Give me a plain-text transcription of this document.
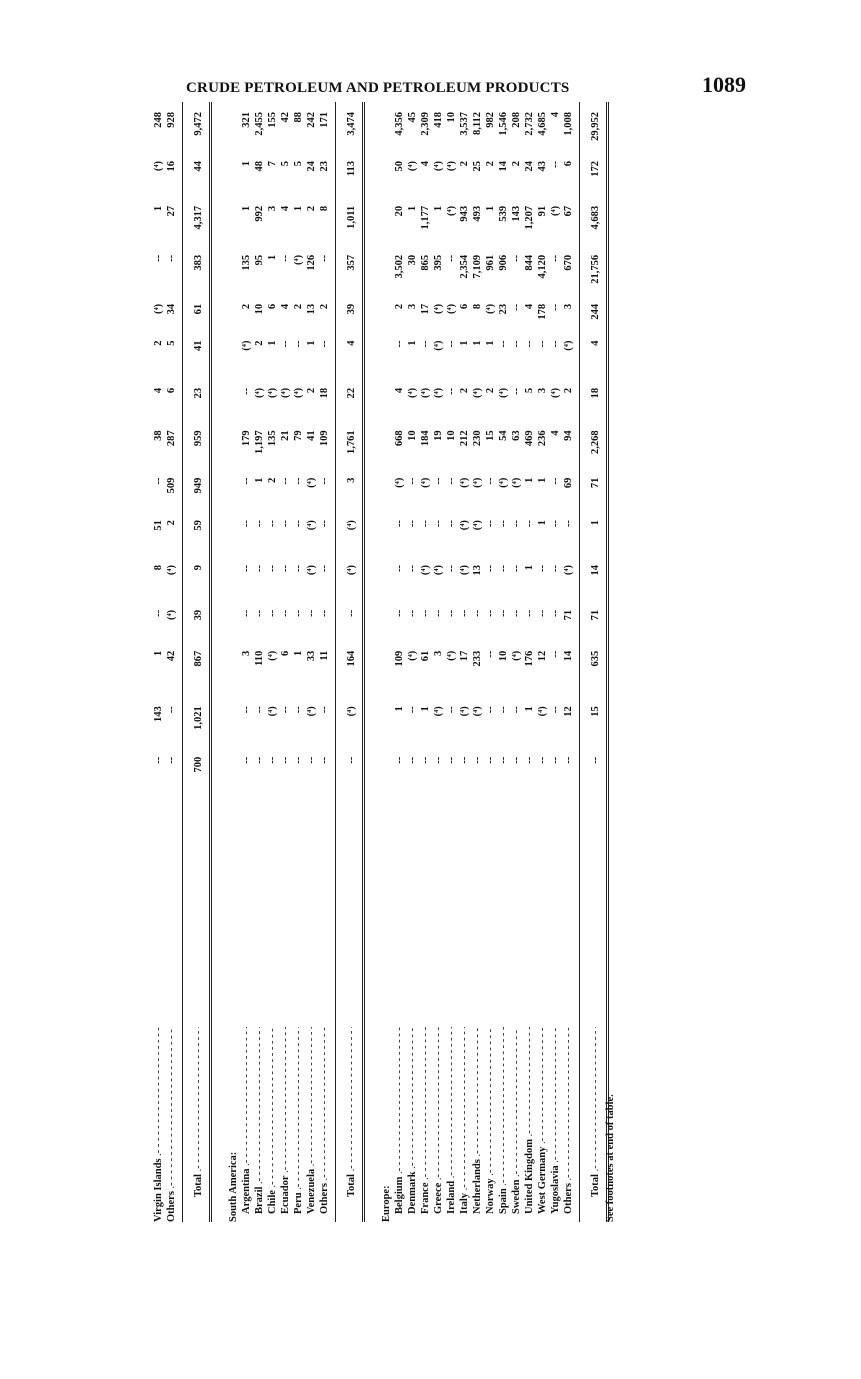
CRUDE PETROLEUM AND PETROLEUM PRODUCTS	1089
Virgin Islands .- -
--
143
1
--
8
51
--
38
4
2
(⁴)
--
1
(⁴)
248
Others .- -
--
--
42
(⁴)
(⁴)
2
509
287
6
5
34
--
27
16
928
Total .- -
700
1,021
867
39
9
59
949
959
23
41
61
383
4,317
44
9,472
South America: Argentina .- -
--
--
3
--
--
--
--
179
--
(⁴)
2
135
1
1
321
Brazil .- -
--
--
110
--
--
--
1
1,197
(⁴)
2
10
95
992
48
2,455
Chile .- -
--
(⁴)
(⁴)
--
--
--
2
135
(⁴)
1
6
1
3
7
155
Ecuador .- -
--
--
6
--
--
--
--
21
(⁴)
--
4
--
4
5
42
Peru .- -
--
--
1
--
--
--
--
79
(⁴)
--
2
(⁴)
1
5
88
Venezuela .- -
--
(⁴)
33
--
(⁴)
(⁴)
(⁴)
41
2
1
13
126
2
24
242
Others .- -
--
--
11
--
--
--
--
109
18
--
2
--
8
23
171
Total .- -
--
(⁴)
164
--
(⁴)
(⁴)
3
1,761
22
4
39
357
1,011
113
3,474
Europe: Belgium .- -
--
1
109
--
--
--
(⁴)
668
4
--
2
3,502
20
50
4,356
Denmark .- -
--
--
(⁴)
--
--
--
--
10
(⁴)
1
3
30
1
(⁴)
45
France .- -
--
1
61
--
(⁴)
--
(⁴)
184
(⁴)
--
17
865
1,177
4
2,309
Greece .- -
--
(⁴)
3
--
(⁴)
--
--
19
(⁴)
(⁴)
(⁴)
395
1
(⁴)
418
Ireland .- -
--
--
(⁴)
--
--
--
--
10
--
--
(⁴)
--
(⁴)
(⁴)
10
Italy .- -
--
(⁴)
17
--
(⁴)
(⁴)
(⁴)
212
2
1
6
2,354
943
2
3,537
Netherlands .- -
--
(⁴)
233
--
13
(⁴)
(⁴)
230
(⁴)
1
8
7,109
493
25
8,112
Norway .- -
--
--
--
--
--
--
--
15
2
1
(⁴)
961
1
2
982
Spain .- -
--
--
10
--
--
--
(⁴)
54
(⁴)
--
23
906
539
14
1,546
Sweden .- -
--
--
(⁴)
--
--
--
(⁴)
63
--
--
--
--
143
2
208
United Kingdom .- -
--
1
176
--
1
--
1
469
5
--
4
844
1,207
24
2,732
West Germany .- -
--
(⁴)
12
--
--
1
1
236
3
--
178
4,120
91
43
4,685
Yugoslavia .- -
--
--
--
--
--
--
--
4
(⁴)
--
--
--
(⁴)
--
4
Others .- -
--
12
14
71
(⁴)
--
69
94
2
(⁴)
3
670
67
6
1,008
Total .- -
--
15
635
71
14
1
71
2,268
18
4
244
21,756
4,683
172
29,952
See footnotes at end of table.
